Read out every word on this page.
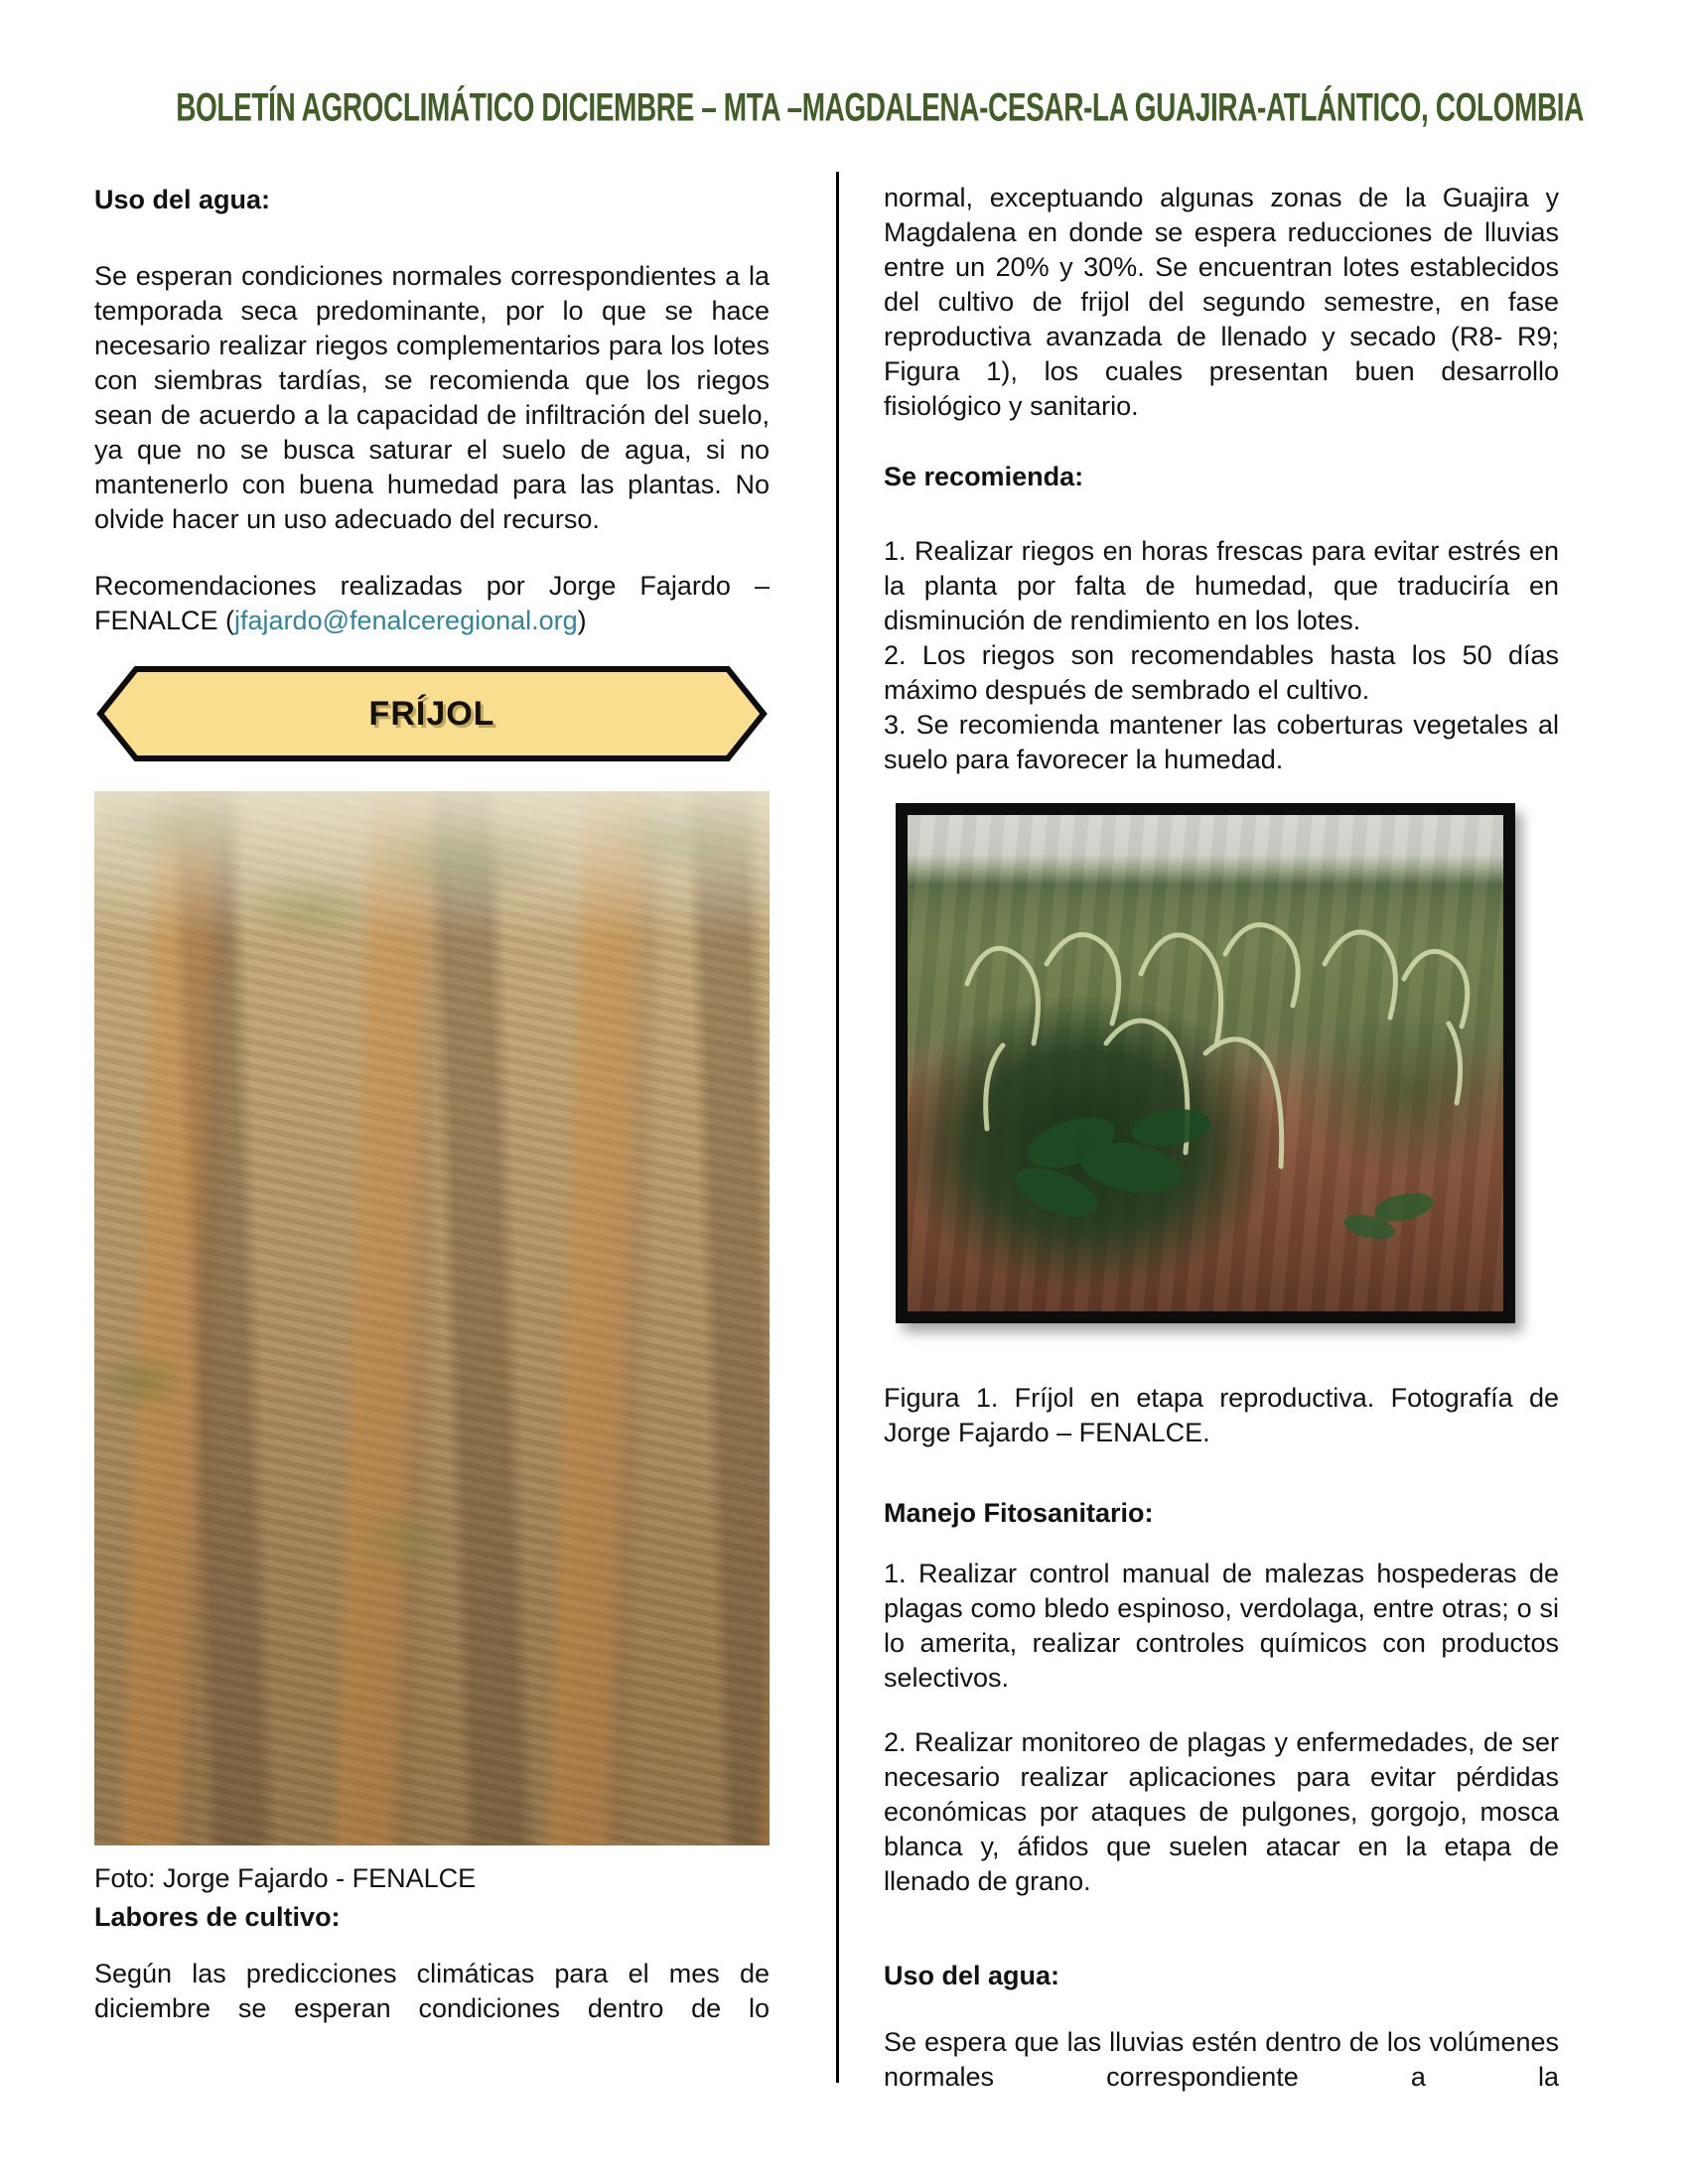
BOLETÍN AGROCLIMÁTICO DICIEMBRE – MTA –MAGDALENA-CESAR-LA GUAJIRA-ATLÁNTICO, COLOMBIA

Uso del agua:

Se esperan condiciones normales correspondientes a la temporada seca predominante, por lo que se hace necesario realizar riegos complementarios para los lotes con siembras tardías, se recomienda que los riegos sean de acuerdo a la capacidad de infiltración del suelo, ya que no se busca saturar el suelo de agua, si no mantenerlo con buena humedad para las plantas. No olvide hacer un uso adecuado del recurso.

Recomendaciones realizadas por Jorge Fajardo – FENALCE (jfajardo@fenalceregional.org)

FRÍJOL

Foto: Jorge Fajardo - FENALCE

Labores de cultivo:

Según las predicciones climáticas para el mes de diciembre se esperan condiciones dentro de lo

normal, exceptuando algunas zonas de la Guajira y Magdalena en donde se espera reducciones de lluvias entre un 20% y 30%. Se encuentran lotes establecidos del cultivo de frijol del segundo semestre, en fase reproductiva avanzada de llenado y secado (R8- R9; Figura 1), los cuales presentan buen desarrollo fisiológico y sanitario.

Se recomienda:

1. Realizar riegos en horas frescas para evitar estrés en la planta por falta de humedad, que traduciría en disminución de rendimiento en los lotes.

2. Los riegos son recomendables hasta los 50 días máximo después de sembrado el cultivo.

3. Se recomienda mantener las coberturas vegetales al suelo para favorecer la humedad.

Figura 1. Fríjol en etapa reproductiva. Fotografía de Jorge Fajardo – FENALCE.

Manejo Fitosanitario:

1. Realizar control manual de malezas hospederas de plagas como bledo espinoso, verdolaga, entre otras; o si lo amerita, realizar controles químicos con productos selectivos.

2. Realizar monitoreo de plagas y enfermedades, de ser necesario realizar aplicaciones para evitar pérdidas económicas por ataques de pulgones, gorgojo, mosca blanca y, áfidos que suelen atacar en la etapa de llenado de grano.

Uso del agua:

Se espera que las lluvias estén dentro de los volúmenes normales correspondiente a la
